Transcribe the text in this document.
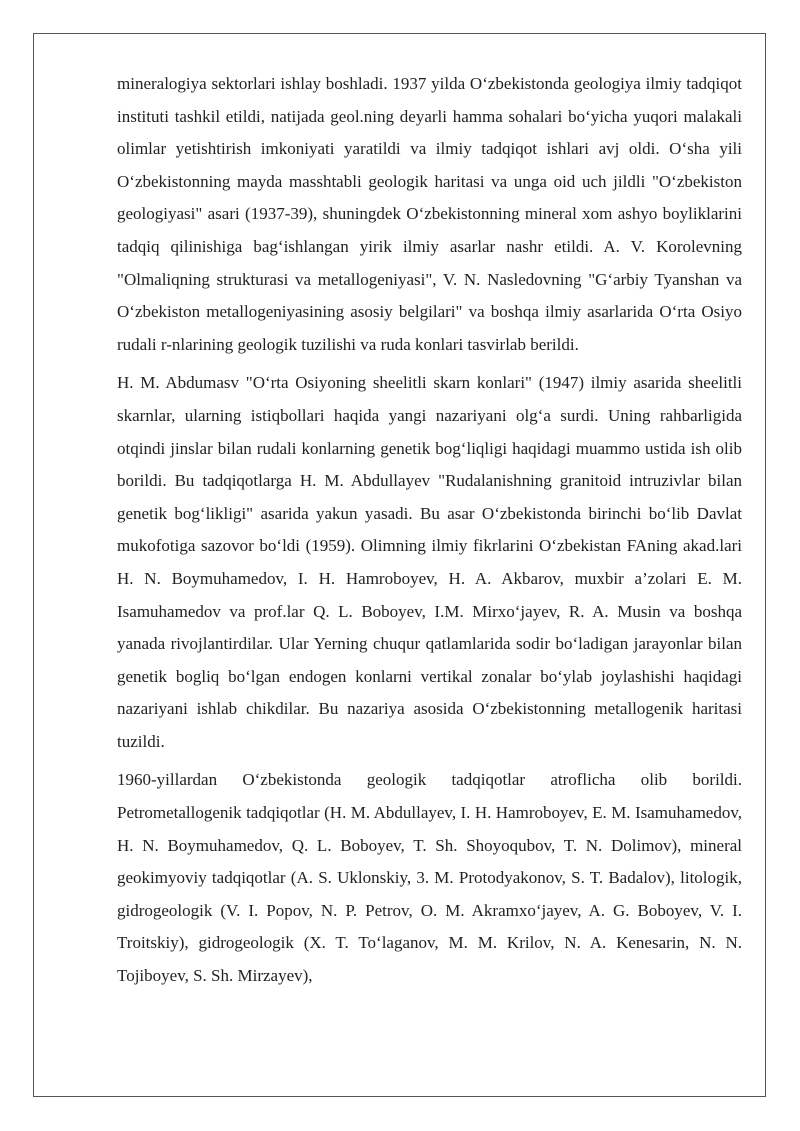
mineralogiya sektorlari ishlay boshladi. 1937 yilda O‘zbekistonda geologiya ilmiy tadqiqot instituti tashkil etildi, natijada geol.ning deyarli hamma sohalari bo‘yicha yuqori malakali olimlar yetishtirish imkoniyati yaratildi va ilmiy tadqiqot ishlari avj oldi. O‘sha yili O‘zbekistonning mayda masshtabli geologik haritasi va unga oid uch jildli "O‘zbekiston geologiyasi" asari (1937-39), shuningdek O‘zbekistonning mineral xom ashyo boyliklarini tadqiq qilinishiga bag‘ishlangan yirik ilmiy asarlar nashr etildi. A. V. Korolevning "Olmaliqning strukturasi va metallogeniyasi", V. N. Nasledovning "G‘arbiy Tyanshan va O‘zbekiston metallogeniyasining asosiy belgilari" va boshqa ilmiy asarlarida O‘rta Osiyo rudali r-nlarining geologik tuzilishi va ruda konlari tasvirlab berildi.

H. M. Abdumasv "O‘rta Osiyoning sheelitli skarn konlari" (1947) ilmiy asarida sheelitli skarnlar, ularning istiqbollari haqida yangi nazariyani olg‘a surdi. Uning rahbarligida otqindi jinslar bilan rudali konlarning genetik bog‘liqligi haqidagi muammo ustida ish olib borildi. Bu tadqiqotlarga H. M. Abdullayev "Rudalanishning granitoid intruzivlar bilan genetik bog‘likligi" asarida yakun yasadi. Bu asar O‘zbekistonda birinchi bo‘lib Davlat mukofotiga sazovor bo‘ldi (1959). Olimning ilmiy fikrlarini O‘zbekistan FAning akad.lari H. N. Boymuhamedov, I. H. Hamroboyev, H. A. Akbarov, muxbir a’zolari E. M. Isamuhamedov va prof.lar Q. L. Boboyev, I.M. Mirxo‘jayev, R. A. Musin va boshqa yanada rivojlantirdilar. Ular Yerning chuqur qatlamlarida sodir bo‘ladigan jarayonlar bilan genetik bogliq bo‘lgan endogen konlarni vertikal zonalar bo‘ylab joylashishi haqidagi nazariyani ishlab chikdilar. Bu nazariya asosida O‘zbekistonning metallogenik haritasi tuzildi.

1960-yillardan O‘zbekistonda geologik tadqiqotlar atroflicha olib borildi. Petrometallogenik tadqiqotlar (H. M. Abdullayev, I. H. Hamroboyev, E. M. Isamuhamedov, H. N. Boymuhamedov, Q. L. Boboyev, T. Sh. Shoyoqubov, T. N. Dolimov), mineral geokimyoviy tadqiqotlar (A. S. Uklonskiy, 3. M. Protodyakonov, S. T. Badalov), litologik, gidrogeologik (V. I. Popov, N. P. Petrov, O. M. Akramxo‘jayev, A. G. Boboyev, V. I. Troitskiy), gidrogeologik (X. T. To‘laganov, M. M. Krilov, N. A. Kenesarin, N. N. Tojiboyev, S. Sh. Mirzayev),
